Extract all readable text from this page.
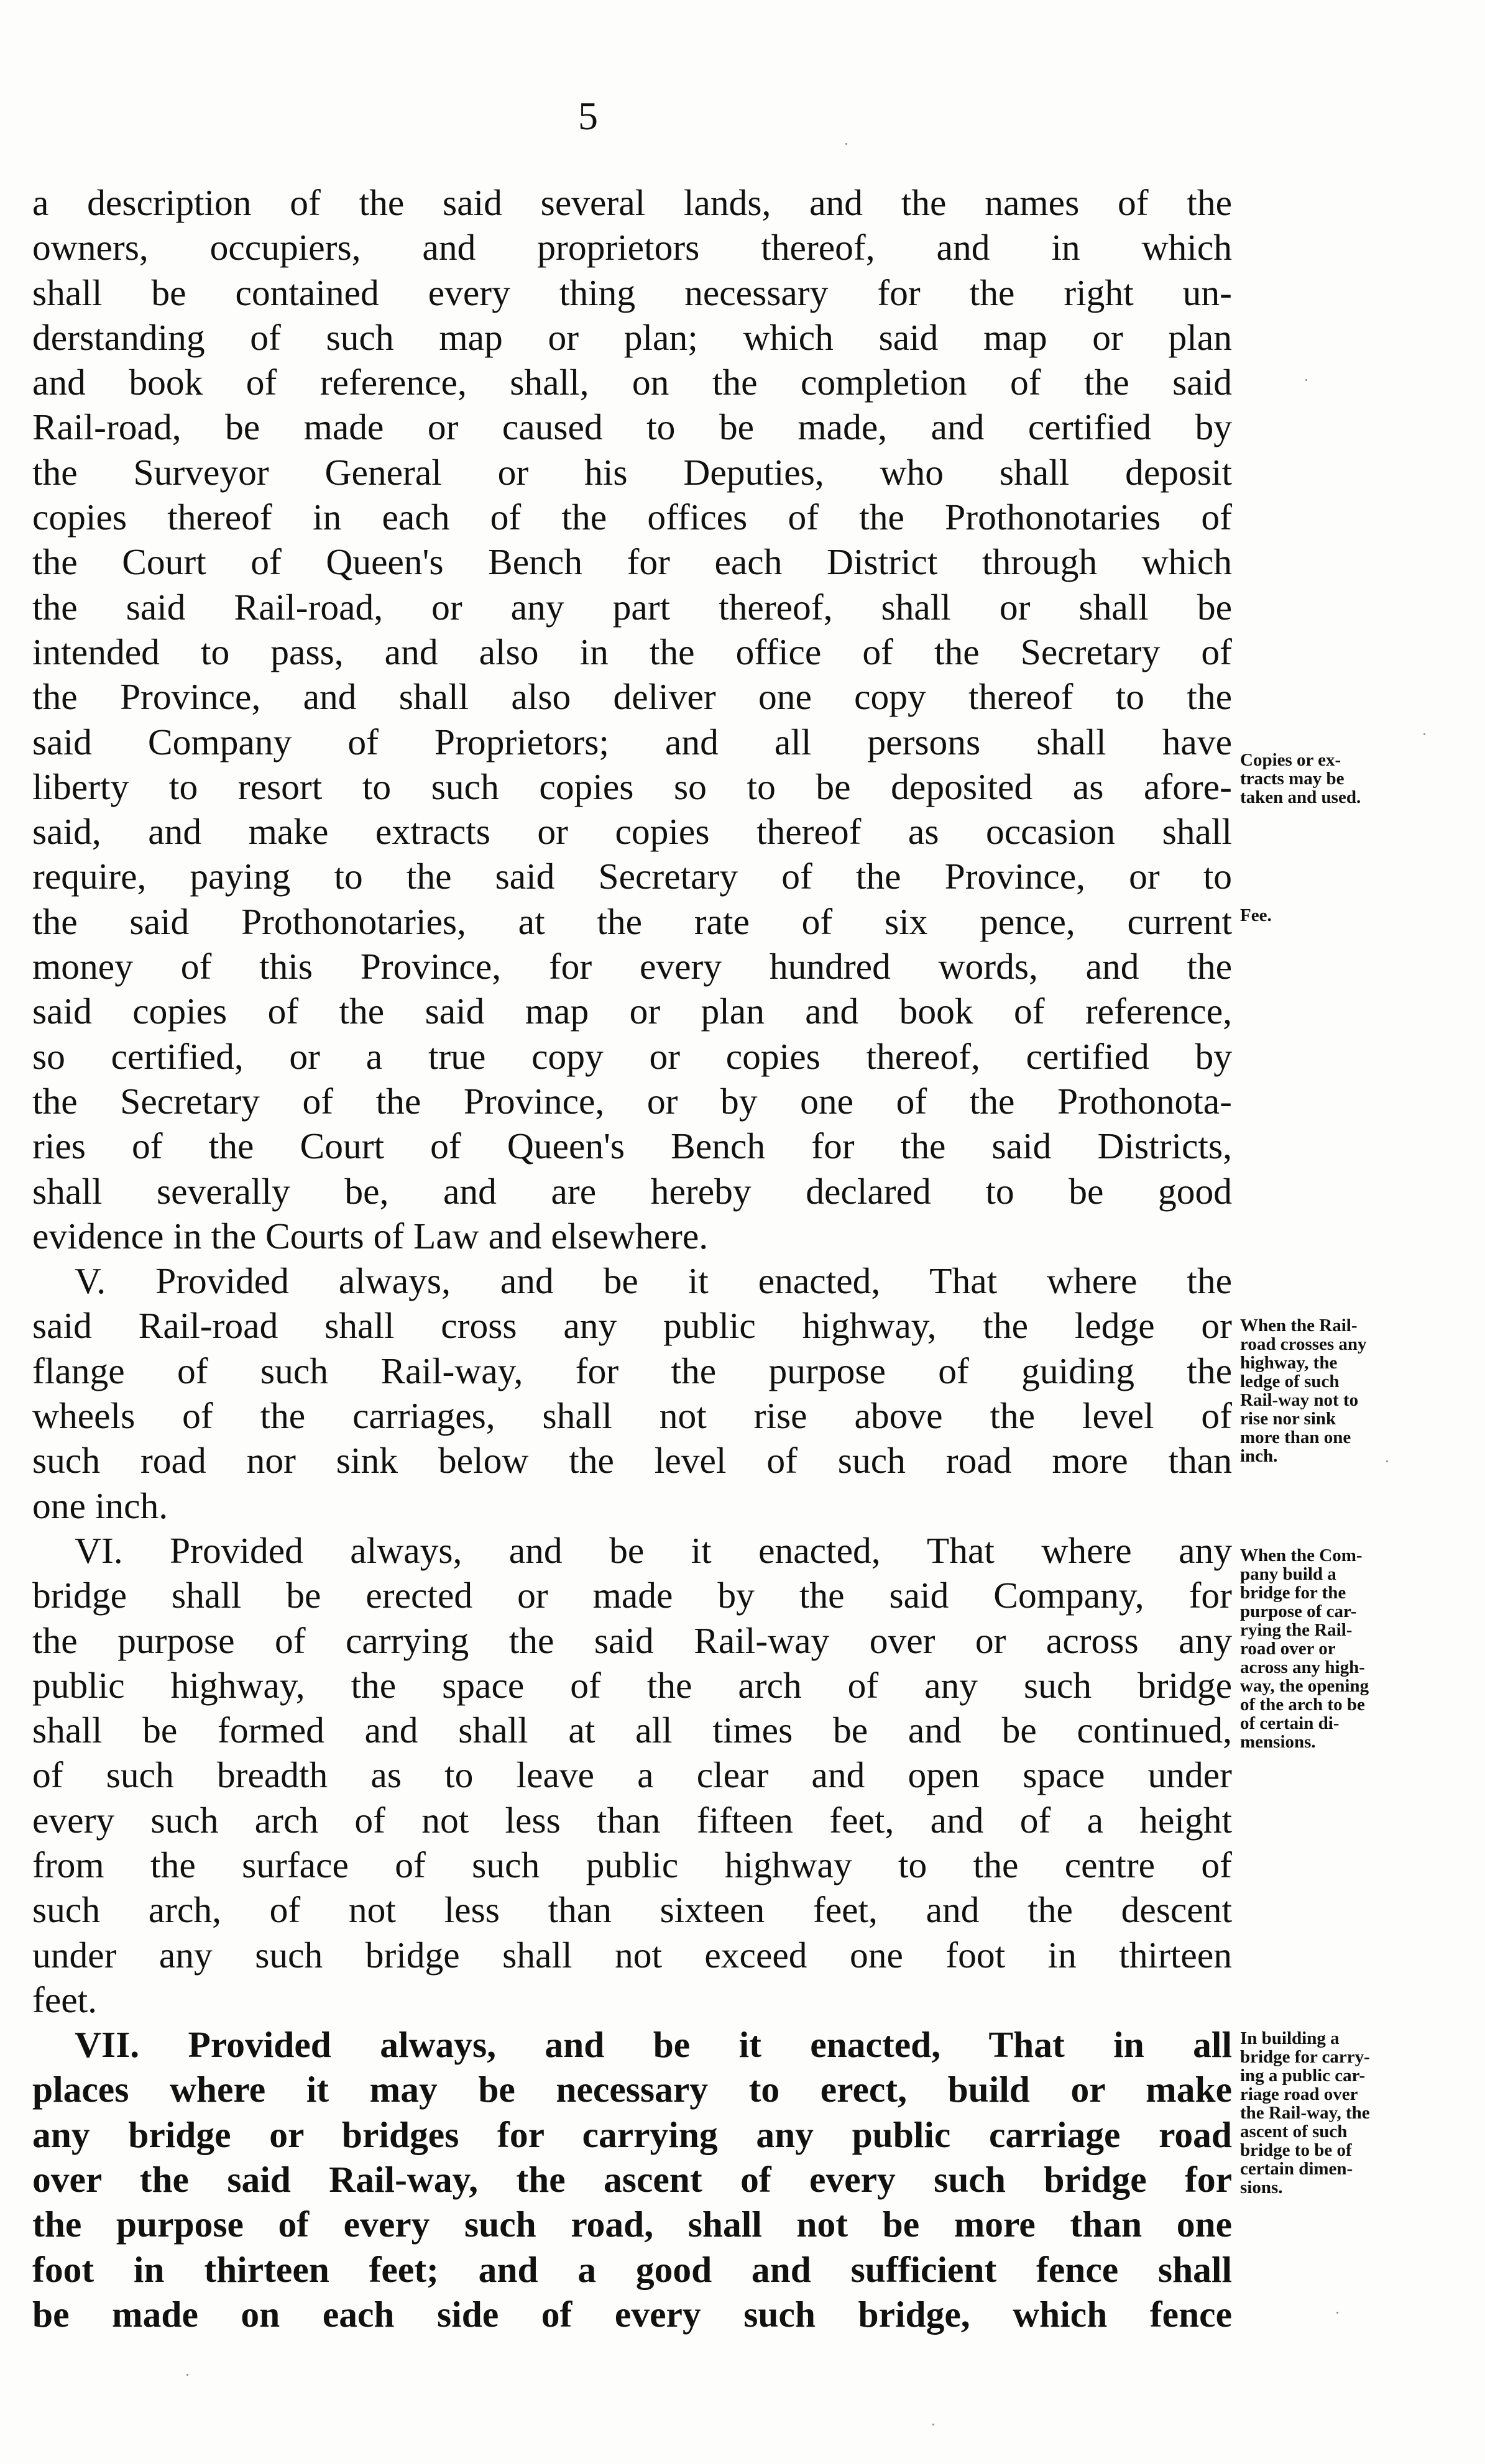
5
a description of the said several lands, and the names of the
owners, occupiers, and proprietors thereof, and in which
shall be contained every thing necessary for the right un-
derstanding of such map or plan; which said map or plan
and book of reference, shall, on the completion of the said
Rail-road, be made or caused to be made, and certified by
the Surveyor General or his Deputies, who shall deposit
copies thereof in each of the offices of the Prothonotaries of
the Court of Queen's Bench for each District through which
the said Rail-road, or any part thereof, shall or shall be
intended to pass, and also in the office of the Secretary of
the Province, and shall also deliver one copy thereof to the
said Company of Proprietors; and all persons shall have
liberty to resort to such copies so to be deposited as afore-
said, and make extracts or copies thereof as occasion shall
require, paying to the said Secretary of the Province, or to
the said Prothonotaries, at the rate of six pence, current
money of this Province, for every hundred words, and the
said copies of the said map or plan and book of reference,
so certified, or a true copy or copies thereof, certified by
the Secretary of the Province, or by one of the Prothonota-
ries of the Court of Queen's Bench for the said Districts,
shall severally be, and are hereby declared to be good
evidence in the Courts of Law and elsewhere.
V. Provided always, and be it enacted, That where the
said Rail-road shall cross any public highway, the ledge or
flange of such Rail-way, for the purpose of guiding the
wheels of the carriages, shall not rise above the level of
such road nor sink below the level of such road more than
one inch.
VI. Provided always, and be it enacted, That where any
bridge shall be erected or made by the said Company, for
the purpose of carrying the said Rail-way over or across any
public highway, the space of the arch of any such bridge
shall be formed and shall at all times be and be continued,
of such breadth as to leave a clear and open space under
every such arch of not less than fifteen feet, and of a height
from the surface of such public highway to the centre of
such arch, of not less than sixteen feet, and the descent
under any such bridge shall not exceed one foot in thirteen
feet.
VII. Provided always, and be it enacted, That in all
places where it may be necessary to erect, build or make
any bridge or bridges for carrying any public carriage road
over the said Rail-way, the ascent of every such bridge for
the purpose of every such road, shall not be more than one
foot in thirteen feet; and a good and sufficient fence shall
be made on each side of every such bridge, which fence
Copies or ex-
tracts may be
taken and used.
Fee.
When the Rail-
road crosses any
highway, the
ledge of such
Rail-way not to
rise nor sink
more than one
inch.
When the Com-
pany build a
bridge for the
purpose of car-
rying the Rail-
road over or
across any high-
way, the opening
of the arch to be
of certain di-
mensions.
In building a
bridge for carry-
ing a public car-
riage road over
the Rail-way, the
ascent of such
bridge to be of
certain dimen-
sions.
